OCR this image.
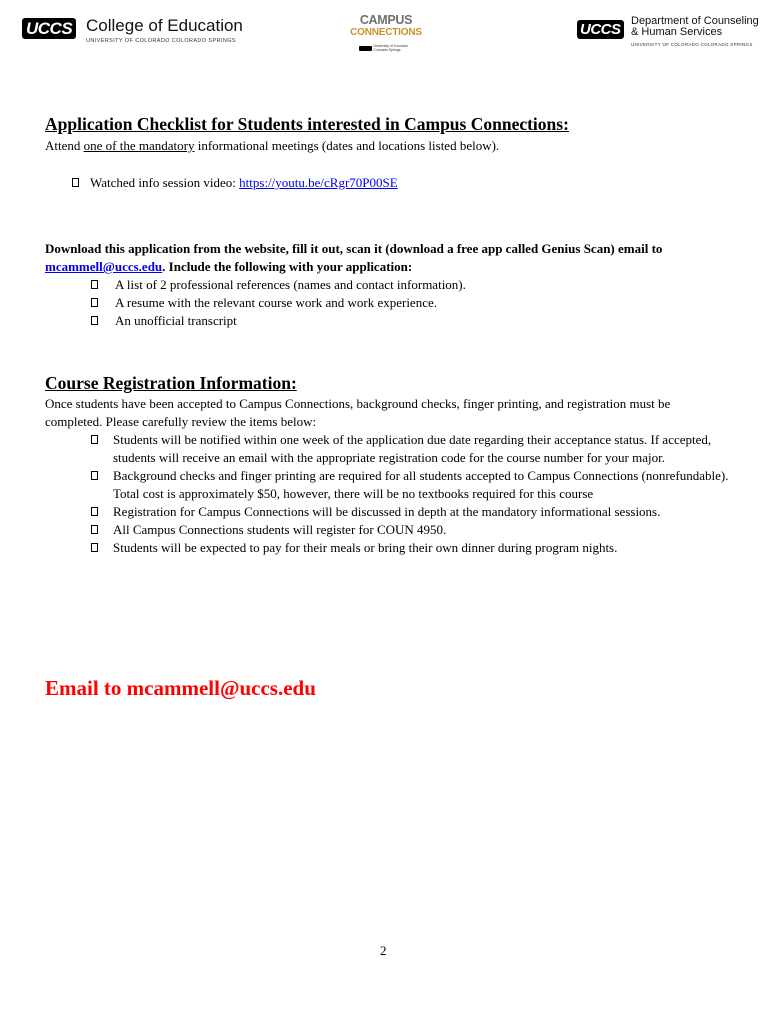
UCCS College of Education
UNIVERSITY OF COLORADO COLORADO SPRINGS
CAMPUS
CONNECTIONS
University of Colorado Colorado Springs
UCCS Department of Counseling
& Human Services
UNIVERSITY OF COLORADO COLORADO SPRINGS
Application Checklist for Students interested in Campus Connections:
Attend one of the mandatory informational meetings (dates and locations listed below).
Watched info session video: https://youtu.be/cRgr70P00SE
Download this application from the website, fill it out, scan it (download a free app called Genius Scan) email to mcammell@uccs.edu. Include the following with your application:
A list of 2 professional references (names and contact information).
A resume with the relevant course work and work experience.
An unofficial transcript
Course Registration Information:
Once students have been accepted to Campus Connections, background checks, finger printing, and registration must be completed. Please carefully review the items below:
Students will be notified within one week of the application due date regarding their acceptance status. If accepted, students will receive an email with the appropriate registration code for the course number for your major.
Background checks and finger printing are required for all students accepted to Campus Connections (nonrefundable). Total cost is approximately $50, however, there will be no textbooks required for this course
Registration for Campus Connections will be discussed in depth at the mandatory informational sessions.
All Campus Connections students will register for COUN 4950.
Students will be expected to pay for their meals or bring their own dinner during program nights.
Email to mcammell@uccs.edu
2
